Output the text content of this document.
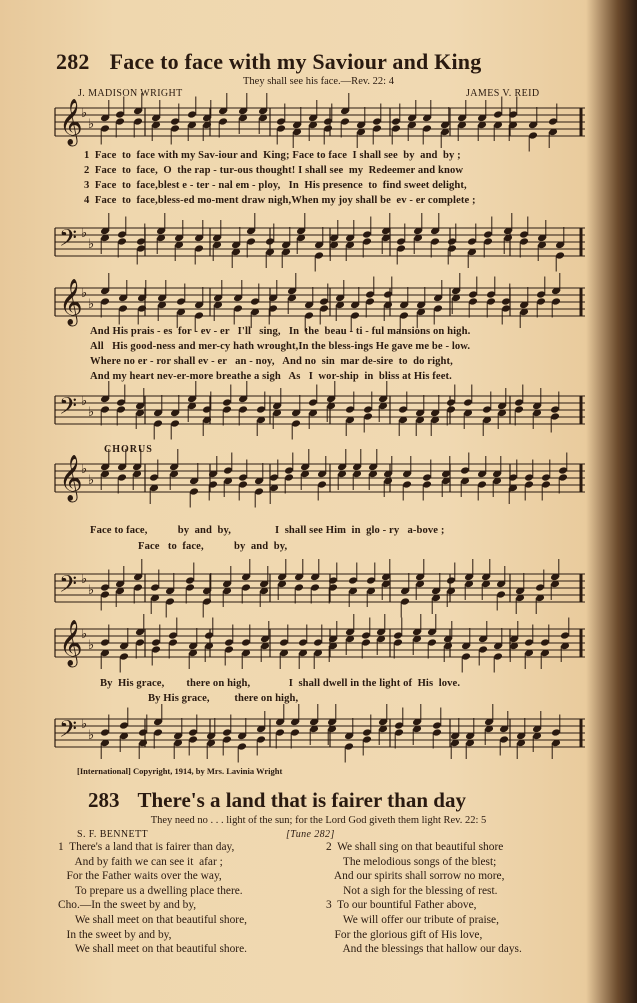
282 Face to face with my Saviour and King
They shall see his face.—Rev. 22: 4
J. MADISON WRIGHT	JAMES V. REID
𝄞
♭
♭
𝄢 ♭
♭
1  Face  to  face with my Sav-iour and  King; Face to face  I shall see  by  and  by ;
2  Face  to  face,  O  the rap - tur-ous thought! I shall see  my  Redeemer and know
3  Face  to  face,blest e - ter - nal em - ploy,   In  His presence  to  find sweet delight,
4  Face  to  face,bless-ed mo-ment draw nigh,When my joy shall be  ev - er complete ;
𝄞
♭
♭
𝄢 ♭
♭
And His prais - es  for - ev - er   I'll   sing,   In  the  beau - ti - ful mansions on high.
All   His good-ness and mer-cy hath wrought,In the bless-ings He gave me be - low.
Where no er - ror shall ev - er   an - noy,   And no  sin  mar de-sire  to  do right,
And my heart nev-er-more breathe a sigh   As   I  wor-ship  in  bliss at His feet.
CHORUS
𝄞
♭
♭
𝄢 ♭
♭
Face to face,           by  and  by,                I  shall see Him  in  glo - ry   a-bove ;
Face   to  face,           by  and  by,
𝄞
♭
♭
𝄢 ♭
♭
By  His grace,        there on high,              I  shall dwell in the light of  His  love.
By His grace,         there on high,
[International] Copyright, 1914, by Mrs. Lavinia Wright
283 There's a land that is fairer than day
They need no . . . light of the sun; for the Lord God giveth them light Rev. 22: 5
S. F. BENNETT	[Tune 282]
1  There's a land that is fairer than day,
And by faith we can see it  afar ;
For the Father waits over the way,
To prepare us a dwelling place there.
Cho.—In the sweet by and by,
We shall meet on that beautiful shore,
In the sweet by and by,
We shall meet on that beautiful shore.
2  We shall sing on that beautiful shore
The melodious songs of the blest;
And our spirits shall sorrow no more,
Not a sigh for the blessing of rest.
3  To our bountiful Father above,
We will offer our tribute of praise,
For the glorious gift of His love,
And the blessings that hallow our days.
